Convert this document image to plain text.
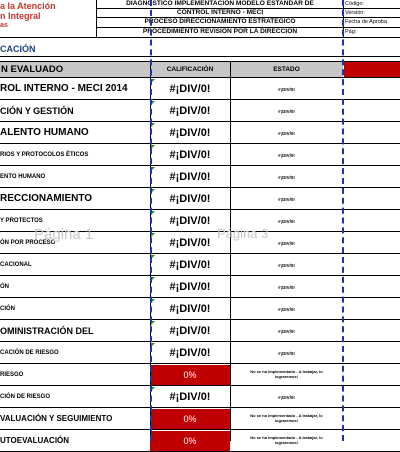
a la Atención
n Integral
as
DIAGNOSTICO IMPLEMENTACION MODELO ESTANDAR DE
CONTROL INTERNO - MECI
PROCESO DIRECCIONAMIENTO ESTRATEGICO
PROCEDIMIENTO REVISION POR LA DIRECCIÓN
Código:
Versión:
Fecha de Aproba
Pág:
CACIÓN
N EVALUADO	CALIFICACIÓN	ESTADO
ROL INTERNO - MECI 2014	#¡DIV/0!	#¡DIV/0!
CIÓN Y GESTIÓN	#¡DIV/0!	#¡DIV/0!
ALENTO HUMANO	#¡DIV/0!	#¡DIV/0!
RIOS Y PROTOCOLOS ÉTICOS	#¡DIV/0!	#¡DIV/0!
ENTO HUMANO	#¡DIV/0!	#¡DIV/0!
RECCIONAMIENTO	#¡DIV/0!	#¡DIV/0!
Y PROTECTOS	#¡DIV/0!	#¡DIV/0!
ÓN POR PROCESO	#¡DIV/0!	#¡DIV/0!
CACIONAL	#¡DIV/0!	#¡DIV/0!
ÓN	#¡DIV/0!	#¡DIV/0!
CIÓN	#¡DIV/0!	#¡DIV/0!
OMINISTRACIÓN DEL	#¡DIV/0!	#¡DIV/0!
CACIÓN DE RIESGO	#¡DIV/0!	#¡DIV/0!
RIESGO	0%	No se ha implementado - A trabajar, lo lograremos!
CIÓN DE RIESGO	#¡DIV/0!	#¡DIV/0!
VALUACIÓN Y SEGUIMIENTO	0%	No se ha implementado - A trabajar, lo lograremos!
UTOEVALUACIÓN	0%	No se ha implementado - A trabajar, lo lograremos!
Página 1	Página 3
